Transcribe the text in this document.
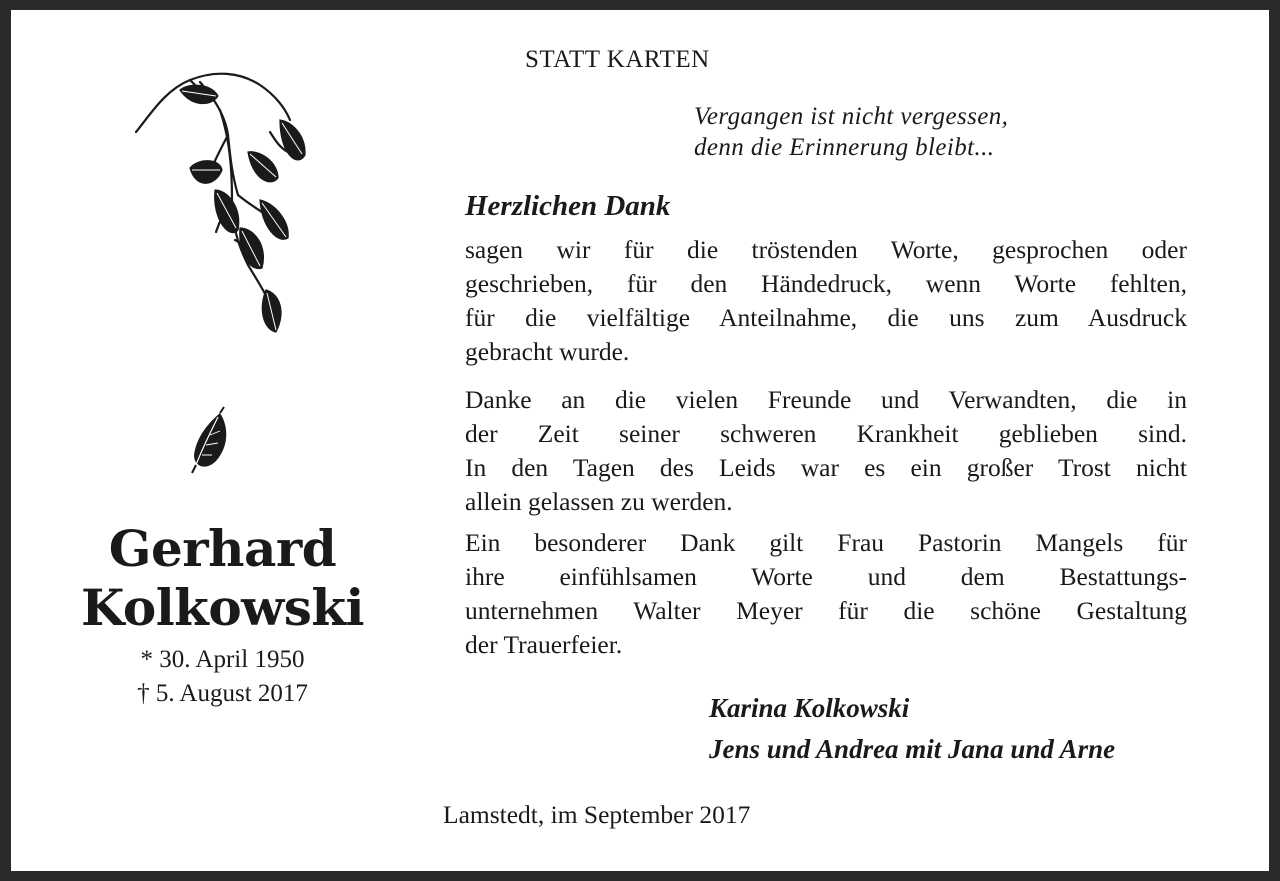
Gerhard
Kolkowski
* 30. April 1950
† 5. August 2017
STATT KARTEN
Vergangen ist nicht vergessen,
denn die Erinnerung bleibt...
Herzlichen Dank
sagen wir für die tröstenden Worte, gesprochen oder
geschrieben, für den Händedruck, wenn Worte fehlten,
für die vielfältige Anteilnahme, die uns zum Ausdruck
gebracht wurde.
Danke an die vielen Freunde und Verwandten, die in
der Zeit seiner schweren Krankheit geblieben sind.
In den Tagen des Leids war es ein großer Trost nicht
allein gelassen zu werden.
Ein besonderer Dank gilt Frau Pastorin Mangels für
ihre einfühlsamen Worte und dem Bestattungs-
unternehmen Walter Meyer für die schöne Gestaltung
der Trauerfeier.
Karina Kolkowski
Jens und Andrea mit Jana und Arne
Lamstedt, im September 2017
